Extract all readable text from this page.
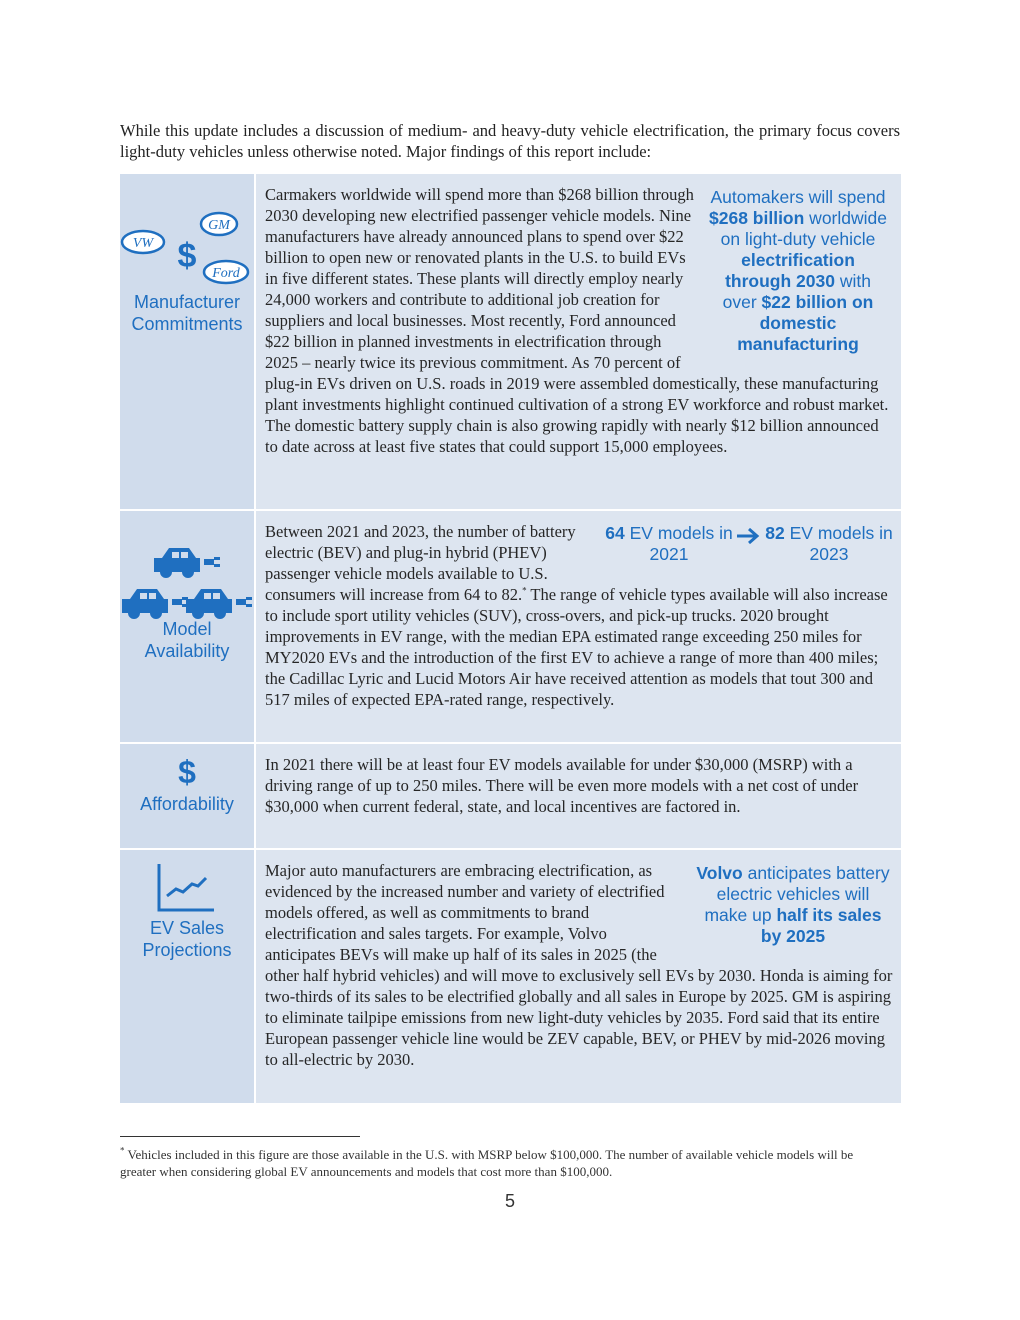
While this update includes a discussion of medium- and heavy-duty vehicle electrification, the primary focus covers light-duty vehicles unless otherwise noted. Major findings of this report include:
VW
GM
Ford
$
Manufacturer
Commitments
Automakers will spend $268 billion worldwide on light-duty vehicle electrification through 2030 with over $22 billion on domestic manufacturing
Carmakers worldwide will spend more than $268 billion through 2030 developing new electrified passenger vehicle models. Nine manufacturers have already announced plans to spend over $22 billion to open new or renovated plants in the U.S. to build EVs in five different states. These plants will directly employ nearly 24,000 workers and contribute to additional job creation for suppliers and local businesses. Most recently, Ford announced $22 billion in planned investments in electrification through 2025 – nearly twice its previous commitment. As 70 percent of plug-in EVs driven on U.S. roads in 2019 were assembled domestically, these manufacturing plant investments highlight continued cultivation of a strong EV workforce and robust market. The domestic battery supply chain is also growing rapidly with nearly $12 billion announced to date across at least five states that could support 15,000 employees.
Model
Availability
64 EV models in 2021
82 EV models in 2023
Between 2021 and 2023, the number of battery electric (BEV) and plug-in hybrid (PHEV) passenger vehicle models available to U.S. consumers will increase from 64 to 82.* The range of vehicle types available will also increase to include sport utility vehicles (SUV), cross-overs, and pick-up trucks. 2020 brought improvements in EV range, with the median EPA estimated range exceeding 250 miles for MY2020 EVs and the introduction of the first EV to achieve a range of more than 400 miles; the Cadillac Lyric and Lucid Motors Air have received attention as models that tout 300 and 517 miles of expected EPA-rated range, respectively.
$
Affordability
In 2021 there will be at least four EV models available for under $30,000 (MSRP) with a driving range of up to 250 miles. There will be even more models with a net cost of under $30,000 when current federal, state, and local incentives are factored in.
EV Sales
Projections
Volvo anticipates battery electric vehicles will make up half its sales by 2025
Major auto manufacturers are embracing electrification, as evidenced by the increased number and variety of electrified models offered, as well as commitments to brand electrification and sales targets. For example, Volvo anticipates BEVs will make up half of its sales in 2025 (the other half hybrid vehicles) and will move to exclusively sell EVs by 2030. Honda is aiming for two-thirds of its sales to be electrified globally and all sales in Europe by 2025. GM is aspiring to eliminate tailpipe emissions from new light-duty vehicles by 2035. Ford said that its entire European passenger vehicle line would be ZEV capable, BEV, or PHEV by mid-2026 moving to all-electric by 2030.
* Vehicles included in this figure are those available in the U.S. with MSRP below $100,000. The number of available vehicle models will be greater when considering global EV announcements and models that cost more than $100,000.
5
